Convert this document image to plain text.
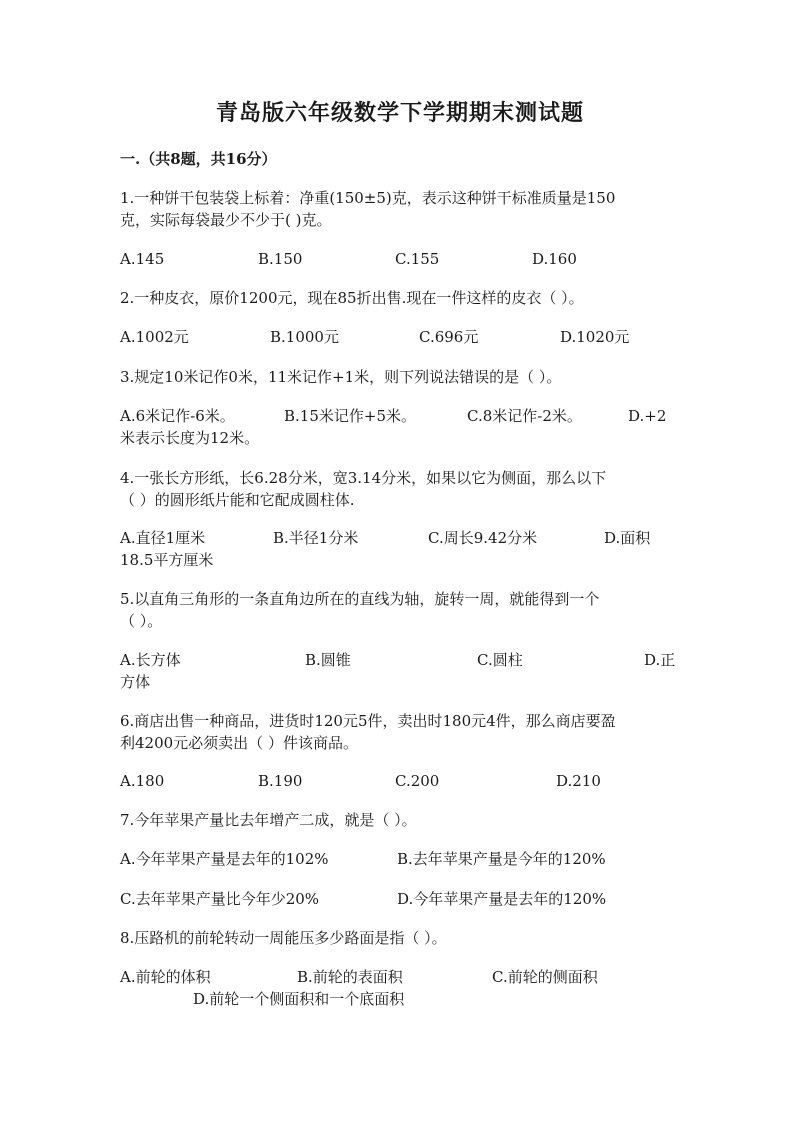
青岛版六年级数学下学期期末测试题
一.（共8题，共16分）
1.一种饼干包装袋上标着：净重(150±5)克，表示这种饼干标准质量是150
克，实际每袋最少不少于( )克。
A.145	B.150	C.155	D.160
2.一种皮衣，原价1200元，现在85折出售.现在一件这样的皮衣（ ）。
A.1002元	B.1000元	C.696元	D.1020元
3.规定10米记作0米，11米记作+1米，则下列说法错误的是（ ）。
A.6米记作-6米。	B.15米记作+5米。	C.8米记作-2米。	D.+2
米表示长度为12米。
4.一张长方形纸，长6.28分米，宽3.14分米，如果以它为侧面，那么以下
（ ）的圆形纸片能和它配成圆柱体.
A.直径1厘米	B.半径1分米	C.周长9.42分米	D.面积
18.5平方厘米
5.以直角三角形的一条直角边所在的直线为轴，旋转一周，就能得到一个
（ ）。
A.长方体	B.圆锥	C.圆柱	D.正
方体
6.商店出售一种商品，进货时120元5件，卖出时180元4件，那么商店要盈
利4200元必须卖出（ ）件该商品。
A.180	B.190	C.200	D.210
7.今年苹果产量比去年增产二成，就是（ ）。
A.今年苹果产量是去年的102%	B.去年苹果产量是今年的120%
C.去年苹果产量比今年少20%	D.今年苹果产量是去年的120%
8.压路机的前轮转动一周能压多少路面是指（ ）。
A.前轮的体积	B.前轮的表面积	C.前轮的侧面积
D.前轮一个侧面积和一个底面积
